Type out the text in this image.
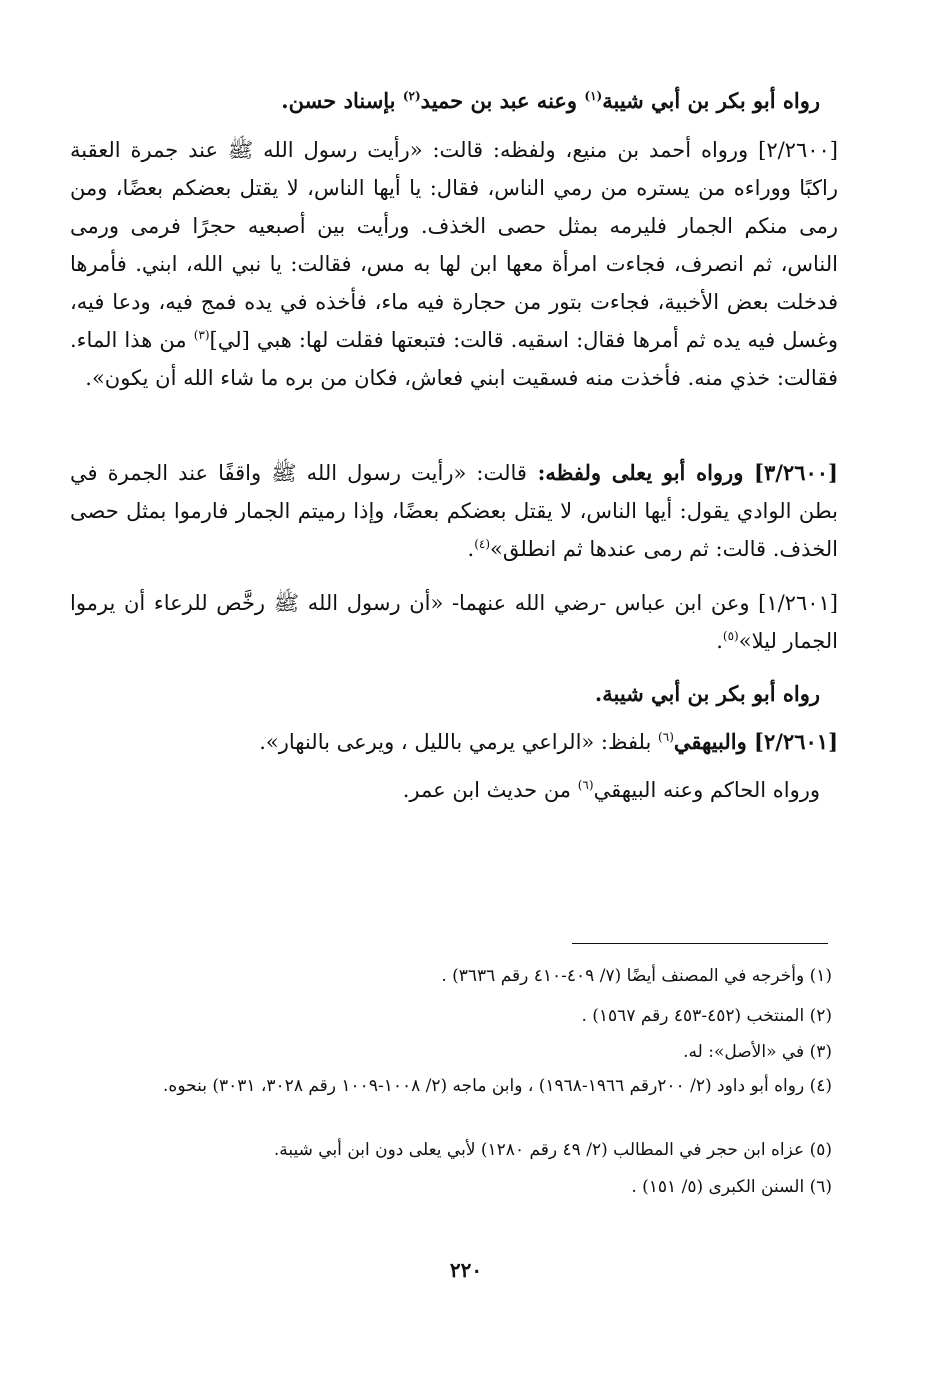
رواه أبو بكر بن أبي شيبة$^{(١)}$ وعنه عبد بن حميد$^{(٢)}$ بإسناد حسن.
[٢/٢٦٠٠] ورواه أحمد بن منيع، ولفظه: قالت: «رأيت رسول الله ﷺ عند جمرة العقبة راكبًا ووراءه من يستره من رمي الناس، فقال: يا أيها الناس، لا يقتل بعضكم بعضًا، ومن رمى منكم الجمار فليرمه بمثل حصى الخذف. ورأيت بين أصبعيه حجرًا فرمى ورمى الناس، ثم انصرف، فجاءت امرأة معها ابن لها به مس، فقالت: يا نبي الله، ابني. فأمرها فدخلت بعض الأخبية، فجاءت بتور من حجارة فيه ماء، فأخذه في يده فمج فيه، ودعا فيه، وغسل فيه يده ثم أمرها فقال: اسقيه. قالت: فتبعتها فقلت لها: هبي [لي]$^{(٣)}$ من هذا الماء. فقالت: خذي منه. فأخذت منه فسقيت ابني فعاش، فكان من بره ما شاء الله أن يكون».
[٣/٢٦٠٠] ورواه أبو يعلى ولفظه: قالت: «رأيت رسول الله ﷺ واقفًا عند الجمرة في بطن الوادي يقول: أيها الناس، لا يقتل بعضكم بعضًا، وإذا رميتم الجمار فارموا بمثل حصى الخذف. قالت: ثم رمى عندها ثم انطلق»$^{(٤)}$.
[١/٢٦٠١] وعن ابن عباس -رضي الله عنهما- «أن رسول الله ﷺ رخَّص للرعاء أن يرموا الجمار ليلا»$^{(٥)}$.
رواه أبو بكر بن أبي شيبة.
[٢/٢٦٠١] والبيهقي$^{(٦)}$ بلفظ: «الراعي يرمي بالليل ، ويرعى بالنهار».
ورواه الحاكم وعنه البيهقي$^{(٦)}$ من حديث ابن عمر.
(١) وأخرجه في المصنف أيضًا (٧/ ٤٠٩-٤١٠ رقم ٣٦٣٦) .
(٢) المنتخب (٤٥٢-٤٥٣ رقم ١٥٦٧) .
(٣) في «الأصل»: له.
(٤) رواه أبو داود (٢/ ٢٠٠رقم ١٩٦٦-١٩٦٨) ، وابن ماجه (٢/ ١٠٠٨-١٠٠٩ رقم ٣٠٢٨، ٣٠٣١) بنحوه.
(٥) عزاه ابن حجر في المطالب (٢/ ٤٩ رقم ١٢٨٠) لأبي يعلى دون ابن أبي شيبة.
(٦) السنن الكبرى (٥/ ١٥١) .
٢٢٠
